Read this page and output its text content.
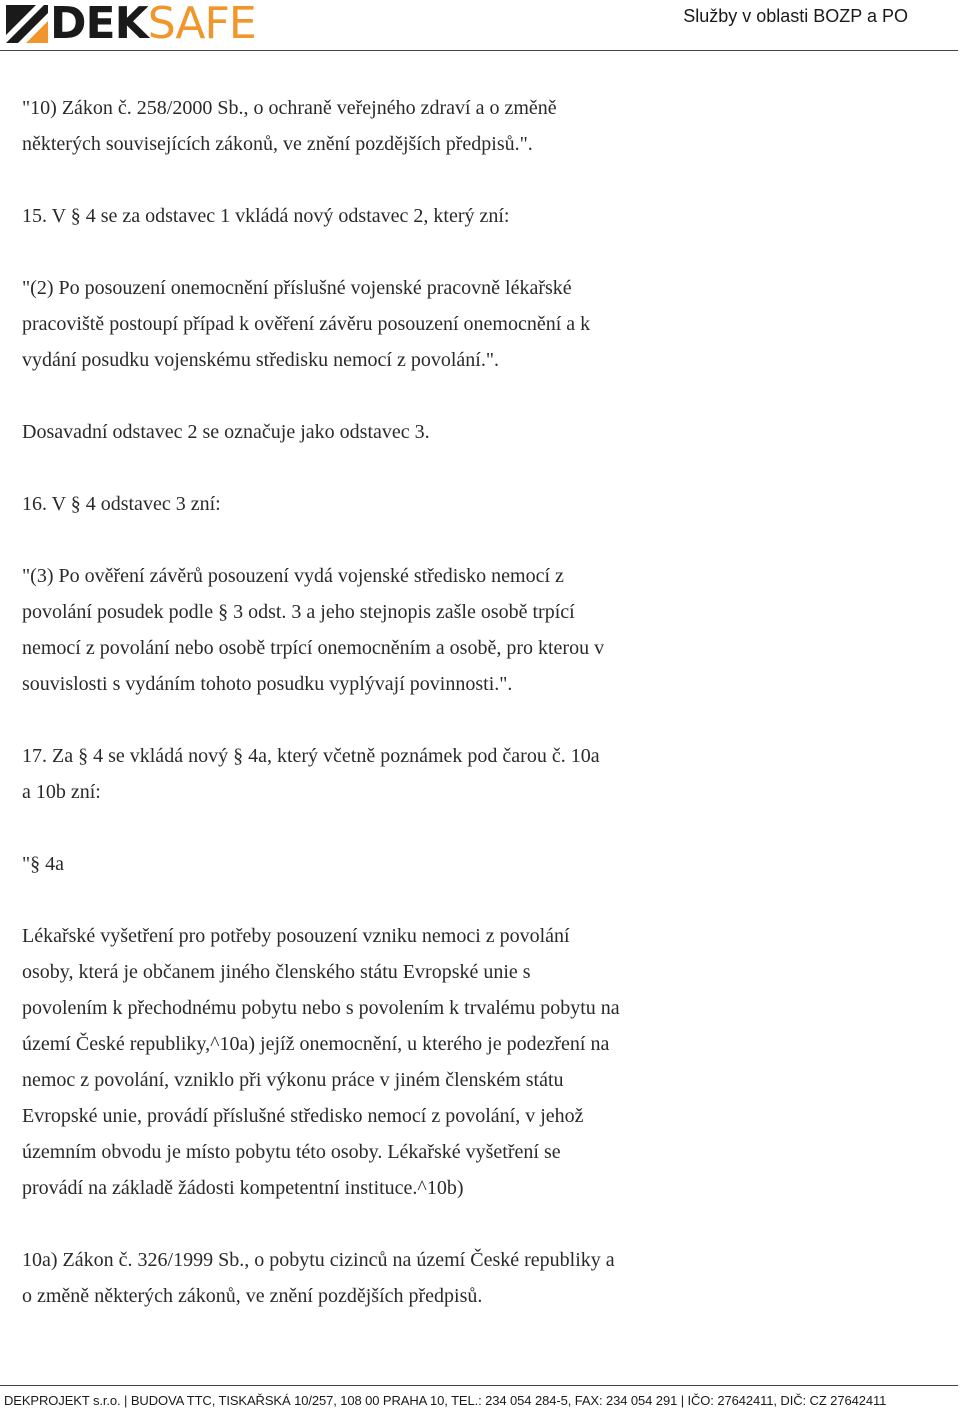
DEK SAFE	Služby v oblasti BOZP a PO

"10) Zákon č. 258/2000 Sb., o ochraně veřejného zdraví a o změně
některých souvisejících zákonů, ve znění pozdějších předpisů.".

15. V § 4 se za odstavec 1 vkládá nový odstavec 2, který zní:

"(2) Po posouzení onemocnění příslušné vojenské pracovně lékařské
pracoviště postoupí případ k ověření závěru posouzení onemocnění a k
vydání posudku vojenskému středisku nemocí z povolání.".

Dosavadní odstavec 2 se označuje jako odstavec 3.

16. V § 4 odstavec 3 zní:

"(3) Po ověření závěrů posouzení vydá vojenské středisko nemocí z
povolání posudek podle § 3 odst. 3 a jeho stejnopis zašle osobě trpící
nemocí z povolání nebo osobě trpící onemocněním a osobě, pro kterou v
souvislosti s vydáním tohoto posudku vyplývají povinnosti.".

17. Za § 4 se vkládá nový § 4a, který včetně poznámek pod čarou č. 10a
a 10b zní:

"§ 4a

Lékařské vyšetření pro potřeby posouzení vzniku nemoci z povolání
osoby, která je občanem jiného členského státu Evropské unie s
povolením k přechodnému pobytu nebo s povolením k trvalému pobytu na
území České republiky,^10a) jejíž onemocnění, u kterého je podezření na
nemoc z povolání, vzniklo při výkonu práce v jiném členském státu
Evropské unie, provádí příslušné středisko nemocí z povolání, v jehož
územním obvodu je místo pobytu této osoby. Lékařské vyšetření se
provádí na základě žádosti kompetentní instituce.^10b)

10a) Zákon č. 326/1999 Sb., o pobytu cizinců na území České republiky a
o změně některých zákonů, ve znění pozdějších předpisů.

DEKPROJEKT s.r.o. | BUDOVA TTC, TISKAŘSKÁ 10/257, 108 00 PRAHA 10, TEL.: 234 054 284-5, FAX: 234 054 291 | IČO: 27642411, DIČ: CZ 27642411
